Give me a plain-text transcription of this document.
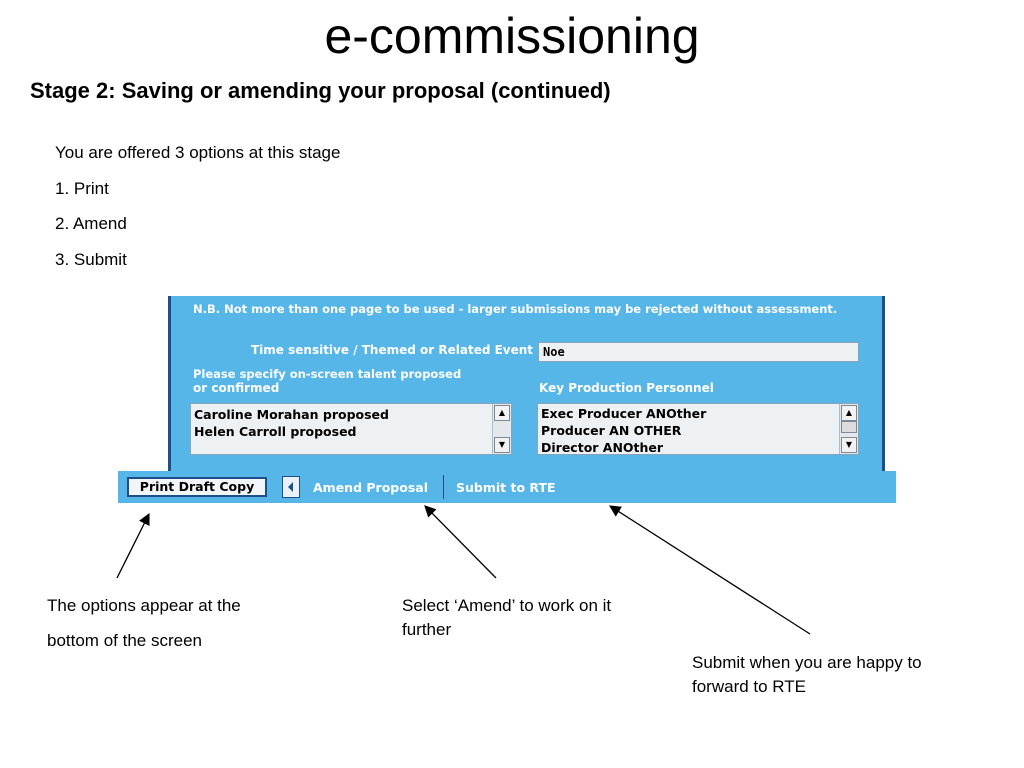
e-commissioning
Stage 2: Saving or amending your proposal (continued)
You are offered 3 options at this stage
1. Print
2. Amend
3. Submit
N.B. Not more than one page to be used - larger submissions may be rejected without assessment.
Time sensitive / Themed or Related Event Noe
Please specify on-screen talent proposed
or confirmed	Key Production Personnel
Caroline Morahan proposed
Helen Carroll proposed
▲
▼
Exec Producer ANOther
Producer AN OTHER
Director ANOther
▲
▼
Print Draft Copy	Amend Proposal Submit to RTE
The options appear at the
bottom of the screen
Select ‘Amend’ to work on it further
Submit when you are happy to forward to RTE
